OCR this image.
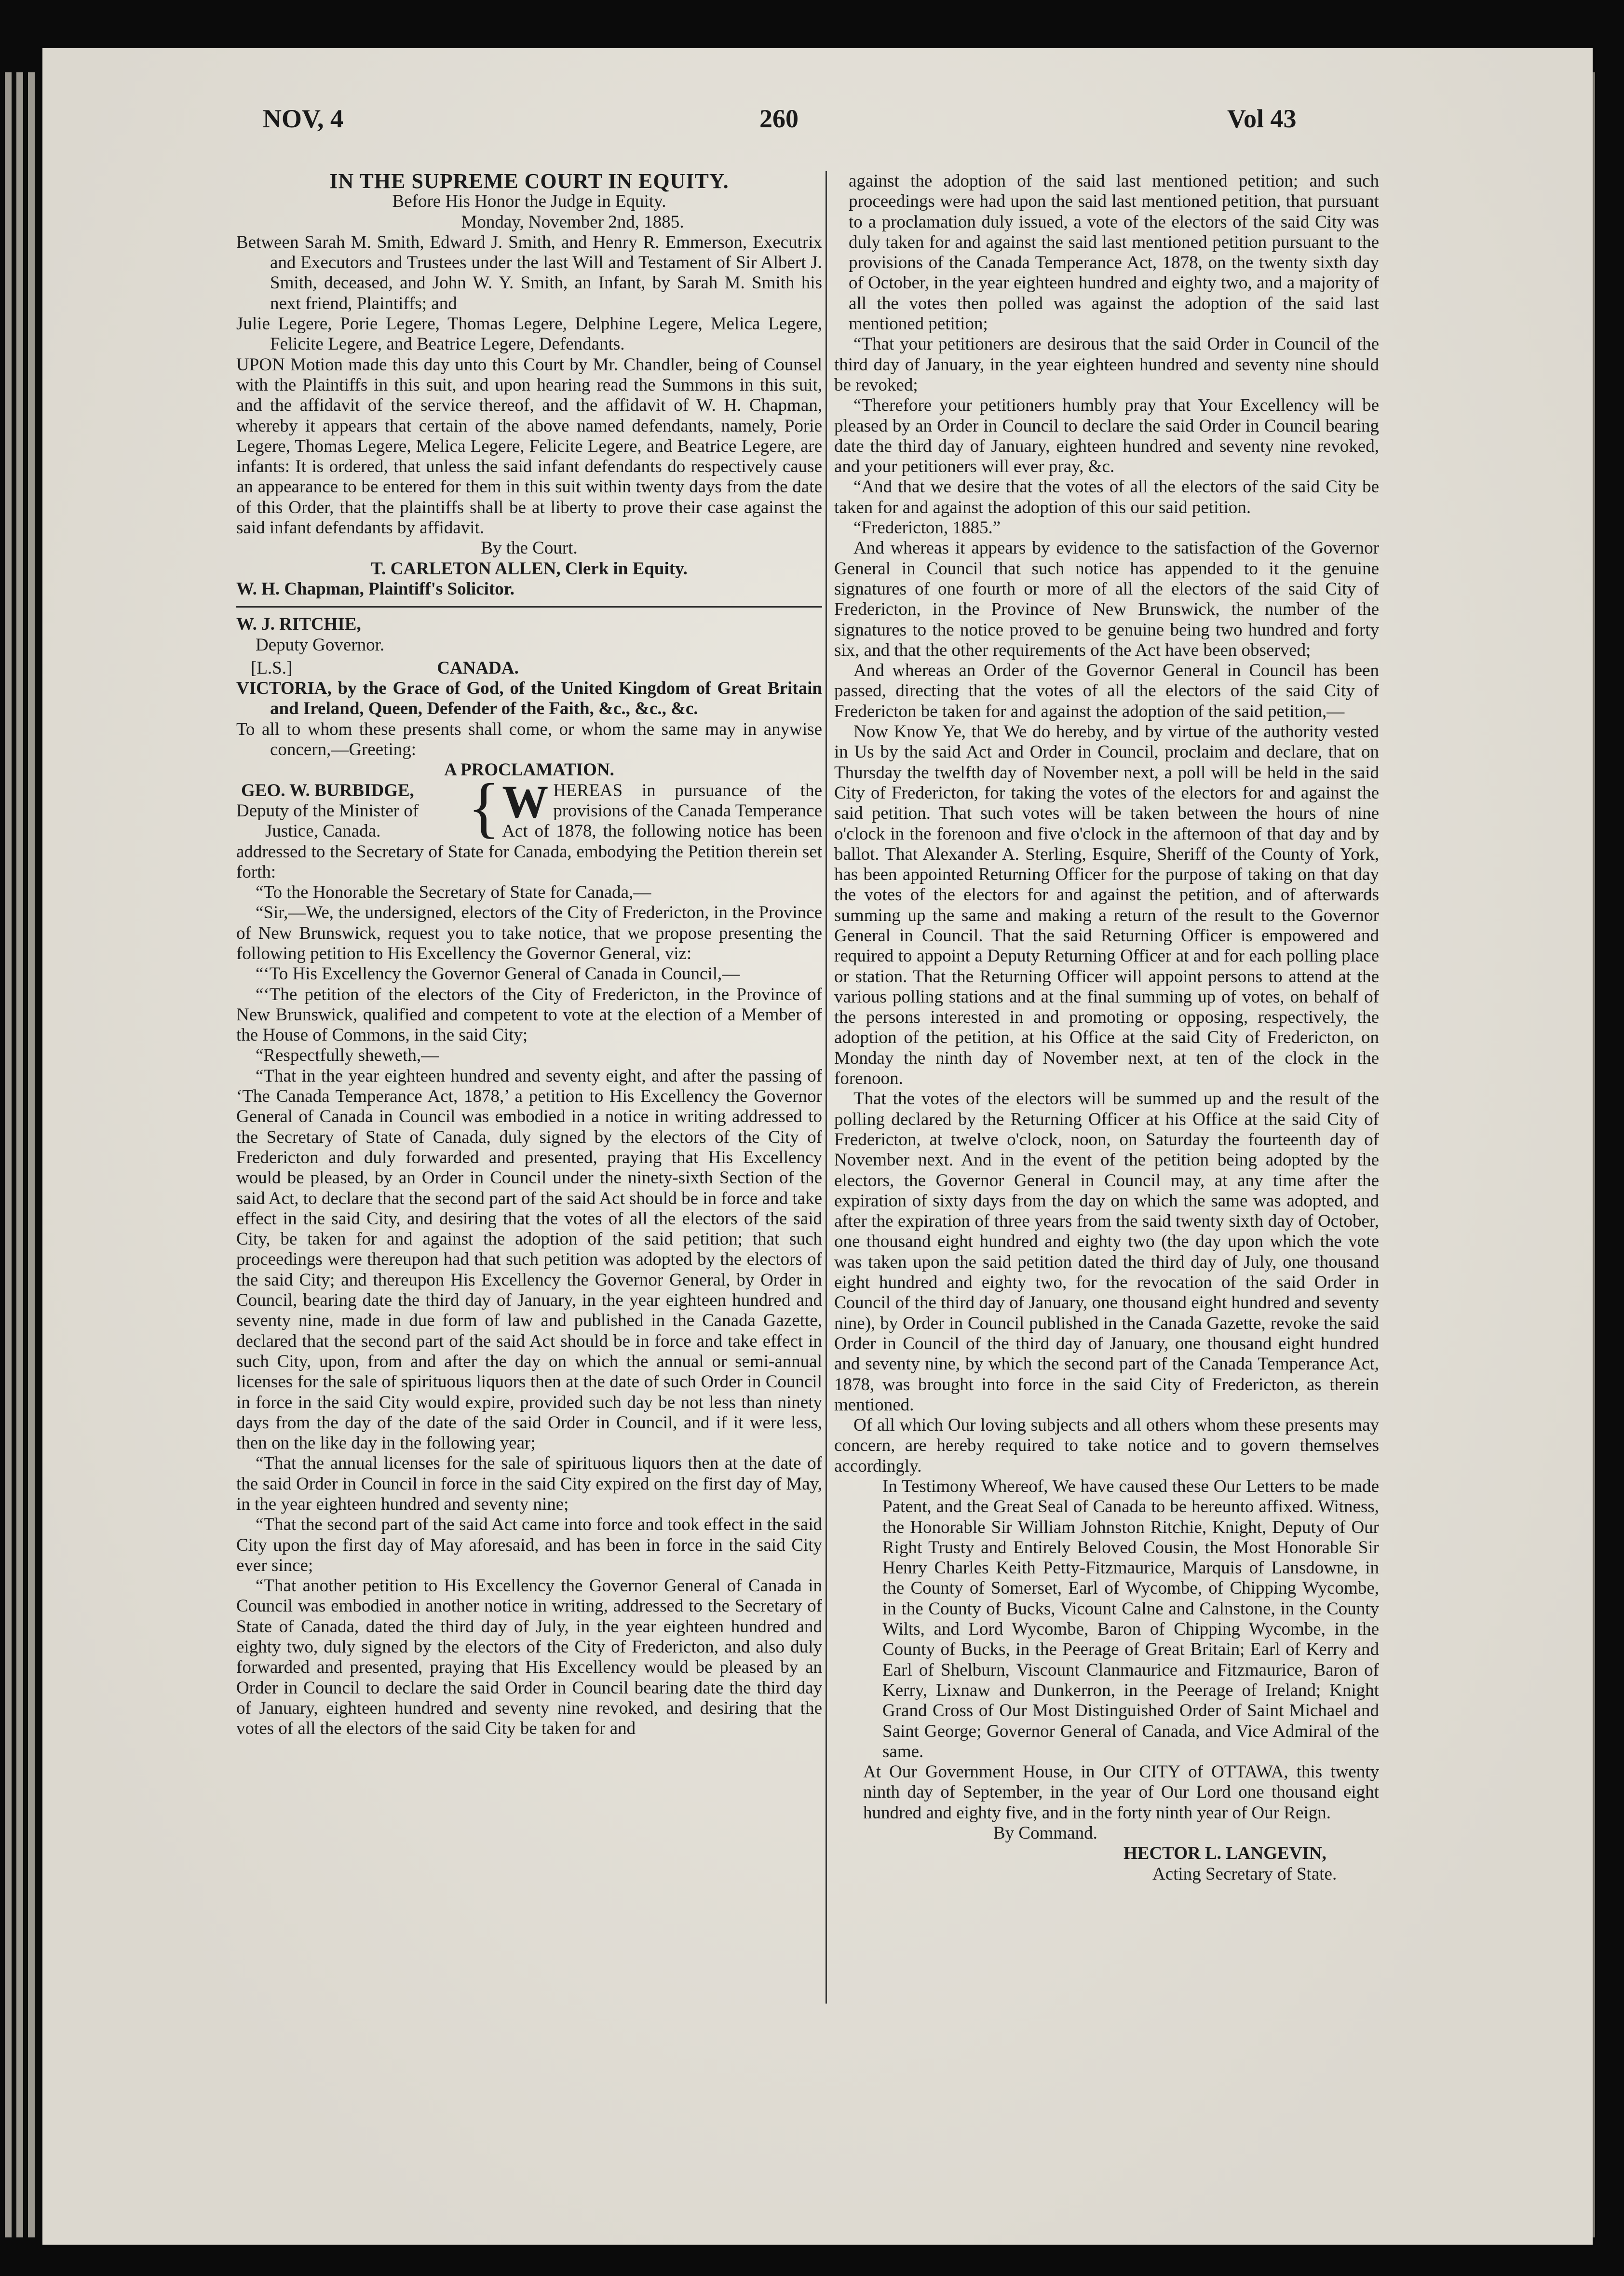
NOV, 4	260	Vol 43

IN THE SUPREME COURT IN EQUITY.

Before His Honor the Judge in Equity.

Monday, November 2nd, 1885.

Between Sarah M. Smith, Edward J. Smith, and Henry R. Emmerson, Executrix and Executors and Trustees under the last Will and Testament of Sir Albert J. Smith, deceased, and John W. Y. Smith, an Infant, by Sarah M. Smith his next friend, Plaintiffs; and

Julie Legere, Porie Legere, Thomas Legere, Delphine Legere, Melica Legere, Felicite Legere, and Beatrice Legere, Defendants.

UPON Motion made this day unto this Court by Mr. Chandler, being of Counsel with the Plaintiffs in this suit, and upon hearing read the Summons in this suit, and the affidavit of the service thereof, and the affidavit of W. H. Chapman, whereby it appears that certain of the above named defendants, namely, Porie Legere, Thomas Legere, Melica Legere, Felicite Legere, and Beatrice Legere, are infants: It is ordered, that unless the said infant defendants do respectively cause an appearance to be entered for them in this suit within twenty days from the date of this Order, that the plaintiffs shall be at liberty to prove their case against the said infant defendants by affidavit.

By the Court.

T. CARLETON ALLEN, Clerk in Equity.

W. H. Chapman, Plaintiff's Solicitor.

W. J. RITCHIE,

Deputy Governor.

[L.S.]	CANADA.

VICTORIA, by the Grace of God, of the United Kingdom of Great Britain and Ireland, Queen, Defender of the Faith, &c., &c., &c.

To all to whom these presents shall come, or whom the same may in anywise concern,—Greeting:

A PROCLAMATION.

GEO. W. BURBIDGE,

Deputy of the Minister of

Justice, Canada.	{ W HEREAS in pursuance of the provisions of the Canada Temperance Act of 1878, the following notice has been addressed to the Secretary of State for Canada, embodying the Petition therein set forth:

“To the Honorable the Secretary of State for Canada,—

“Sir,—We, the undersigned, electors of the City of Fredericton, in the Province of New Brunswick, request you to take notice, that we propose presenting the following petition to His Excellency the Governor General, viz:

“‘To His Excellency the Governor General of Canada in Council,—

“‘The petition of the electors of the City of Fredericton, in the Province of New Brunswick, qualified and competent to vote at the election of a Member of the House of Commons, in the said City;

“Respectfully sheweth,—

“That in the year eighteen hundred and seventy eight, and after the passing of ‘The Canada Temperance Act, 1878,’ a petition to His Excellency the Governor General of Canada in Council was embodied in a notice in writing addressed to the Secretary of State of Canada, duly signed by the electors of the City of Fredericton and duly forwarded and presented, praying that His Excellency would be pleased, by an Order in Council under the ninety-sixth Section of the said Act, to declare that the second part of the said Act should be in force and take effect in the said City, and desiring that the votes of all the electors of the said City, be taken for and against the adoption of the said petition; that such proceedings were thereupon had that such petition was adopted by the electors of the said City; and thereupon His Excellency the Governor General, by Order in Council, bearing date the third day of January, in the year eighteen hundred and seventy nine, made in due form of law and published in the Canada Gazette, declared that the second part of the said Act should be in force and take effect in such City, upon, from and after the day on which the annual or semi-annual licenses for the sale of spirituous liquors then at the date of such Order in Council in force in the said City would expire, provided such day be not less than ninety days from the day of the date of the said Order in Council, and if it were less, then on the like day in the following year;

“That the annual licenses for the sale of spirituous liquors then at the date of the said Order in Council in force in the said City expired on the first day of May, in the year eighteen hundred and seventy nine;

“That the second part of the said Act came into force and took effect in the said City upon the first day of May aforesaid, and has been in force in the said City ever since;

“That another petition to His Excellency the Governor General of Canada in Council was embodied in another notice in writing, addressed to the Secretary of State of Canada, dated the third day of July, in the year eighteen hundred and eighty two, duly signed by the electors of the City of Fredericton, and also duly forwarded and presented, praying that His Excellency would be pleased by an Order in Council to declare the said Order in Council bearing date the third day of January, eighteen hundred and seventy nine revoked, and desiring that the votes of all the electors of the said City be taken for and

against the adoption of the said last mentioned petition; and such proceedings were had upon the said last mentioned petition, that pursuant to a proclamation duly issued, a vote of the electors of the said City was duly taken for and against the said last mentioned petition pursuant to the provisions of the Canada Temperance Act, 1878, on the twenty sixth day of October, in the year eighteen hundred and eighty two, and a majority of all the votes then polled was against the adoption of the said last mentioned petition;

“That your petitioners are desirous that the said Order in Council of the third day of January, in the year eighteen hundred and seventy nine should be revoked;

“Therefore your petitioners humbly pray that Your Excellency will be pleased by an Order in Council to declare the said Order in Council bearing date the third day of January, eighteen hundred and seventy nine revoked, and your petitioners will ever pray, &c.

“And that we desire that the votes of all the electors of the said City be taken for and against the adoption of this our said petition.

“Fredericton, 1885.”

And whereas it appears by evidence to the satisfaction of the Governor General in Council that such notice has appended to it the genuine signatures of one fourth or more of all the electors of the said City of Fredericton, in the Province of New Brunswick, the number of the signatures to the notice proved to be genuine being two hundred and forty six, and that the other requirements of the Act have been observed;

And whereas an Order of the Governor General in Council has been passed, directing that the votes of all the electors of the said City of Fredericton be taken for and against the adoption of the said petition,—

Now Know Ye, that We do hereby, and by virtue of the authority vested in Us by the said Act and Order in Council, proclaim and declare, that on Thursday the twelfth day of November next, a poll will be held in the said City of Fredericton, for taking the votes of the electors for and against the said petition. That such votes will be taken between the hours of nine o'clock in the forenoon and five o'clock in the afternoon of that day and by ballot. That Alexander A. Sterling, Esquire, Sheriff of the County of York, has been appointed Returning Officer for the purpose of taking on that day the votes of the electors for and against the petition, and of afterwards summing up the same and making a return of the result to the Governor General in Council. That the said Returning Officer is empowered and required to appoint a Deputy Returning Officer at and for each polling place or station. That the Returning Officer will appoint persons to attend at the various polling stations and at the final summing up of votes, on behalf of the persons interested in and promoting or opposing, respectively, the adoption of the petition, at his Office at the said City of Fredericton, on Monday the ninth day of November next, at ten of the clock in the forenoon.

That the votes of the electors will be summed up and the result of the polling declared by the Returning Officer at his Office at the said City of Fredericton, at twelve o'clock, noon, on Saturday the fourteenth day of November next. And in the event of the petition being adopted by the electors, the Governor General in Council may, at any time after the expiration of sixty days from the day on which the same was adopted, and after the expiration of three years from the said twenty sixth day of October, one thousand eight hundred and eighty two (the day upon which the vote was taken upon the said petition dated the third day of July, one thousand eight hundred and eighty two, for the revocation of the said Order in Council of the third day of January, one thousand eight hundred and seventy nine), by Order in Council published in the Canada Gazette, revoke the said Order in Council of the third day of January, one thousand eight hundred and seventy nine, by which the second part of the Canada Temperance Act, 1878, was brought into force in the said City of Fredericton, as therein mentioned.

Of all which Our loving subjects and all others whom these presents may concern, are hereby required to take notice and to govern themselves accordingly.

In Testimony Whereof, We have caused these Our Letters to be made Patent, and the Great Seal of Canada to be hereunto affixed. Witness, the Honorable Sir William Johnston Ritchie, Knight, Deputy of Our Right Trusty and Entirely Beloved Cousin, the Most Honorable Sir Henry Charles Keith Petty-Fitzmaurice, Marquis of Lansdowne, in the County of Somerset, Earl of Wycombe, of Chipping Wycombe, in the County of Bucks, Vicount Calne and Calnstone, in the County Wilts, and Lord Wycombe, Baron of Chipping Wycombe, in the County of Bucks, in the Peerage of Great Britain; Earl of Kerry and Earl of Shelburn, Viscount Clanmaurice and Fitzmaurice, Baron of Kerry, Lixnaw and Dunkerron, in the Peerage of Ireland; Knight Grand Cross of Our Most Distinguished Order of Saint Michael and Saint George; Governor General of Canada, and Vice Admiral of the same.

At Our Government House, in Our CITY of OTTAWA, this twenty ninth day of September, in the year of Our Lord one thousand eight hundred and eighty five, and in the forty ninth year of Our Reign.

By Command.

HECTOR L. LANGEVIN,

Acting Secretary of State.
